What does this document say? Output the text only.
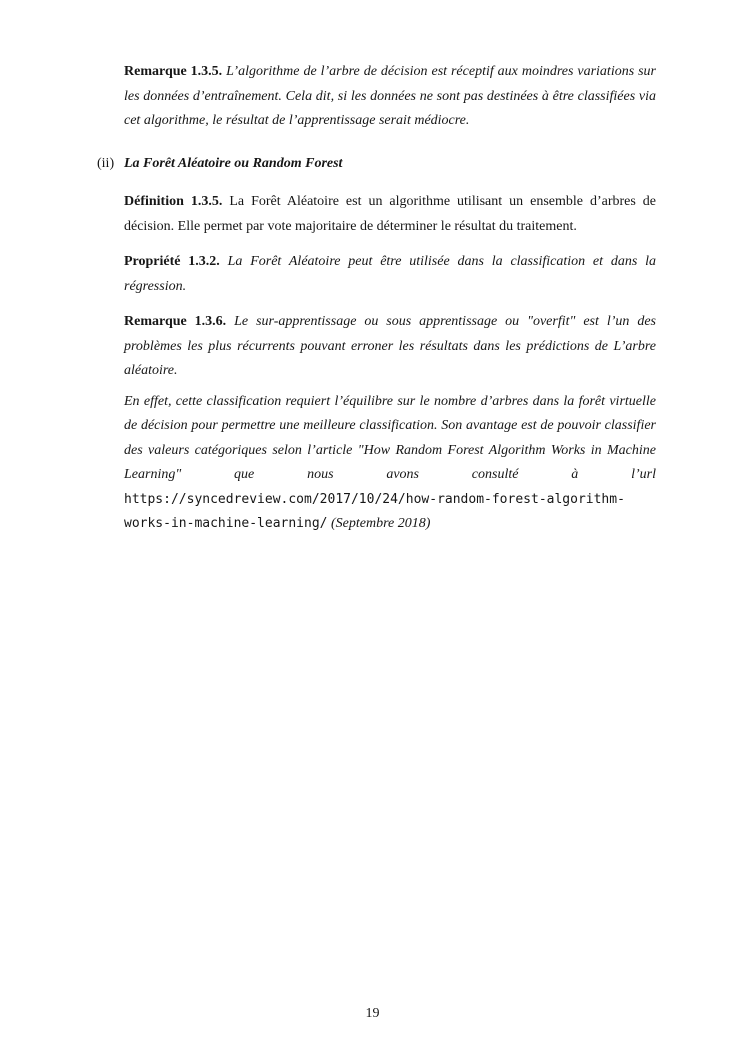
Remarque 1.3.5. L’algorithme de l’arbre de décision est réceptif aux moindres variations sur les données d’entraînement. Cela dit, si les données ne sont pas destinées à être classifiées via cet algorithme, le résultat de l’apprentissage serait médiocre.

(ii) La Forêt Aléatoire ou Random Forest

Définition 1.3.5. La Forêt Aléatoire est un algorithme utilisant un ensemble d’arbres de décision. Elle permet par vote majoritaire de déterminer le résultat du traitement.

Propriété 1.3.2. La Forêt Aléatoire peut être utilisée dans la classification et dans la régression.

Remarque 1.3.6. Le sur-apprentissage ou sous apprentissage ou "overfit" est l’un des problèmes les plus récurrents pouvant erroner les résultats dans les prédictions de L’arbre aléatoire.

En effet, cette classification requiert l’équilibre sur le nombre d’arbres dans la forêt virtuelle de décision pour permettre une meilleure classification. Son avantage est de pouvoir classifier des valeurs catégoriques selon l’article "How Random Forest Algorithm Works in Machine Learning" que nous avons consulté à l’url https://syncedreview.com/2017/10/24/how-random-forest-algorithm-works-in-machine-learning/ (Septembre 2018)

19
